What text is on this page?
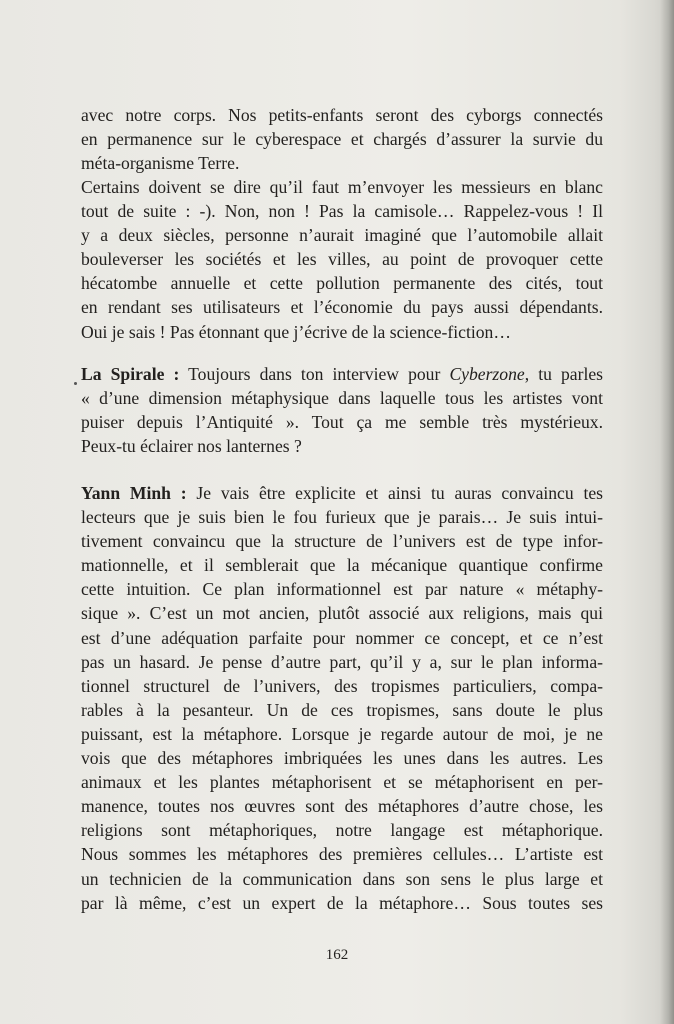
avec notre corps. Nos petits-enfants seront des cyborgs connectés
en permanence sur le cyberespace et chargés d’assurer la survie du
méta-organisme Terre.
Certains doivent se dire qu’il faut m’envoyer les messieurs en blanc
tout de suite : -). Non, non ! Pas la camisole… Rappelez-vous ! Il
y a deux siècles, personne n’aurait imaginé que l’automobile allait
bouleverser les sociétés et les villes, au point de provoquer cette
hécatombe annuelle et cette pollution permanente des cités, tout
en rendant ses utilisateurs et l’économie du pays aussi dépendants.
Oui je sais ! Pas étonnant que j’écrive de la science-fiction…
La Spirale : Toujours dans ton interview pour Cyberzone, tu parles
« d’une dimension métaphysique dans laquelle tous les artistes vont
puiser depuis l’Antiquité ». Tout ça me semble très mystérieux.
Peux-tu éclairer nos lanternes ?
Yann Minh : Je vais être explicite et ainsi tu auras convaincu tes
lecteurs que je suis bien le fou furieux que je parais… Je suis intui-
tivement convaincu que la structure de l’univers est de type infor-
mationnelle, et il semblerait que la mécanique quantique confirme
cette intuition. Ce plan informationnel est par nature « métaphy-
sique ». C’est un mot ancien, plutôt associé aux religions, mais qui
est d’une adéquation parfaite pour nommer ce concept, et ce n’est
pas un hasard. Je pense d’autre part, qu’il y a, sur le plan informa-
tionnel structurel de l’univers, des tropismes particuliers, compa-
rables à la pesanteur. Un de ces tropismes, sans doute le plus
puissant, est la métaphore. Lorsque je regarde autour de moi, je ne
vois que des métaphores imbriquées les unes dans les autres. Les
animaux et les plantes métaphorisent et se métaphorisent en per-
manence, toutes nos œuvres sont des métaphores d’autre chose, les
religions sont métaphoriques, notre langage est métaphorique.
Nous sommes les métaphores des premières cellules… L’artiste est
un technicien de la communication dans son sens le plus large et
par là même, c’est un expert de la métaphore… Sous toutes ses
162
